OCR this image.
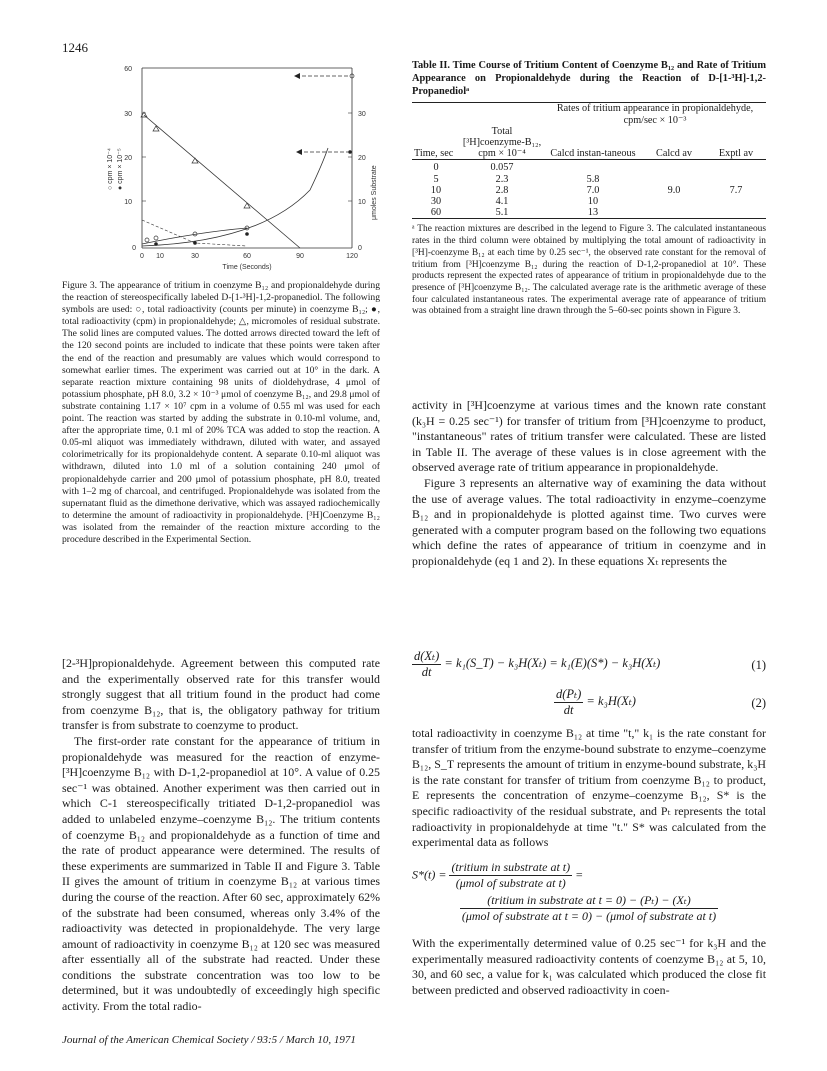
1246
60
30
20
10
0
30
20
10
0
0 10	30	60	90	120
Time (Seconds)
○ cpm × 10⁻⁴ ● cpm × 10⁻⁵	μmoles Substrate
Figure 3. The appearance of tritium in coenzyme B₁₂ and propionaldehyde during the reaction of stereospecifically labeled D-[1-³H]-1,2-propanediol. The following symbols are used: ○, total radioactivity (counts per minute) in coenzyme B₁₂; ●, total radioactivity (cpm) in propionaldehyde; △, micromoles of residual substrate. The solid lines are computed values. The dotted arrows directed toward the left of the 120 second points are included to indicate that these points were taken after the end of the reaction and presumably are values which would correspond to somewhat earlier times. The experiment was carried out at 10° in the dark. A separate reaction mixture containing 98 units of dioldehydrase, 4 μmol of potassium phosphate, pH 8.0, 3.2 × 10⁻³ μmol of coenzyme B₁₂, and 29.8 μmol of substrate containing 1.17 × 10⁷ cpm in a volume of 0.55 ml was used for each point. The reaction was started by adding the substrate in 0.10-ml volume, and, after the appropriate time, 0.1 ml of 20% TCA was added to stop the reaction. A 0.05-ml aliquot was immediately withdrawn, diluted with water, and assayed colorimetrically for its propionaldehyde content. A separate 0.10-ml aliquot was withdrawn, diluted into 1.0 ml of a solution containing 240 μmol of propionaldehyde carrier and 200 μmol of potassium phosphate, pH 8.0, treated with 1–2 mg of charcoal, and centrifuged. Propionaldehyde was isolated from the supernatant fluid as the dimethone derivative, which was assayed radiochemically to determine the amount of radioactivity in propionaldehyde. [³H]Coenzyme B₁₂ was isolated from the remainder of the reaction mixture according to the procedure described in the Experimental Section.

[2-³H]propionaldehyde. Agreement between this computed rate and the experimentally observed rate for this transfer would strongly suggest that all tritium found in the product had come from coenzyme B₁₂, that is, the obligatory pathway for tritium transfer is from substrate to coenzyme to product.

The first-order rate constant for the appearance of tritium in propionaldehyde was measured for the reaction of enzyme-[³H]coenzyme B₁₂ with D-1,2-propanediol at 10°. A value of 0.25 sec⁻¹ was obtained. Another experiment was then carried out in which C-1 stereospecifically tritiated D-1,2-propanediol was added to unlabeled enzyme–coenzyme B₁₂. The tritium contents of coenzyme B₁₂ and propionaldehyde as a function of time and the rate of product appearance were determined. The results of these experiments are summarized in Table II and Figure 3. Table II gives the amount of tritium in coenzyme B₁₂ at various times during the course of the reaction. After 60 sec, approximately 62% of the substrate had been consumed, whereas only 3.4% of the radioactivity was detected in propionaldehyde. The very large amount of radioactivity in coenzyme B₁₂ at 120 sec was measured after essentially all of the substrate had reacted. Under these conditions the substrate concentration was too low to be determined, but it was undoubtedly of exceedingly high specific activity. From the total radio-

Table II. Time Course of Tritium Content of Coenzyme B₁₂ and Rate of Tritium Appearance on Propionaldehyde during the Reaction of D-[1-³H]-1,2-Propanediolᵃ
		Rates of tritium appearance in propionaldehyde, cpm/sec × 10⁻³		
Time, sec	Total [³H]coenzyme-B₁₂, cpm × 10⁻⁴	Calcd instan-taneous	Calcd av	Exptl av

0	0.057			
5	2.3	5.8		
10	2.8	7.0	9.0	7.7
30	4.1	10		
60	5.1	13		

ᵃ The reaction mixtures are described in the legend to Figure 3. The calculated instantaneous rates in the third column were obtained by multiplying the total amount of radioactivity in [³H]-coenzyme B₁₂ at each time by 0.25 sec⁻¹, the observed rate constant for the removal of tritium from [³H]coenzyme B₁₂ during the reaction of D-1,2-propanediol at 10°. These products represent the expected rates of appearance of tritium in propionaldehyde due to the presence of [³H]coenzyme B₁₂. The calculated average rate is the arithmetic average of these four calculated instantaneous rates. The experimental average rate of appearance of tritium was obtained from a straight line drawn through the 5–60-sec points shown in Figure 3.

activity in [³H]coenzyme at various times and the known rate constant (k₃H = 0.25 sec⁻¹) for transfer of tritium from [³H]coenzyme to product, "instantaneous" rates of tritium transfer were calculated. These are listed in Table II. The average of these values is in close agreement with the observed average rate of tritium appearance in propionaldehyde.

Figure 3 represents an alternative way of examining the data without the use of average values. The total radioactivity in enzyme–coenzyme B₁₂ and in propionaldehyde is plotted against time. Two curves were generated with a computer program based on the following two equations which define the rates of appearance of tritium in coenzyme and in propionaldehyde (eq 1 and 2). In these equations Xₜ represents the

$\frac{\text{d(Xₜ)}}{dt}$ = k₁(S_T) − k₃H(Xₜ) = k₁(E)(S*) − k₃H(Xₜ)	(1)
$\frac{\text{d(Pₜ)}}{dt} = k_3H(X_t)$	(2)
total radioactivity in coenzyme B₁₂ at time "t," k₁ is the rate constant for transfer of tritium from the enzyme-bound substrate to enzyme–coenzyme B₁₂, S_T represents the amount of tritium in enzyme-bound substrate, k₃H is the rate constant for transfer of tritium from coenzyme B₁₂ to product, E represents the concentration of enzyme–coenzyme B₁₂, S* is the specific radioactivity of the residual substrate, and Pₜ represents the total radioactivity in propionaldehyde at time "t." S* was calculated from the experimental data as follows
$S*(t) = \frac{\text{(tritium in substrate at t)}}{\text{(μmol of substrate at t)}}$ =
$\frac{\text{(tritium in substrate at t = 0) − (Pₜ) − (Xₜ)}}{\text{(μmol of substrate at t = 0) − (μmol of substrate at t)}}$
With the experimentally determined value of 0.25 sec⁻¹ for k₃H and the experimentally measured radioactivity contents of coenzyme B₁₂ at 5, 10, 30, and 60 sec, a value for k₁ was calculated which produced the close fit between predicted and observed radioactivity in coen-
Journal of the American Chemical Society / 93:5 / March 10, 1971
